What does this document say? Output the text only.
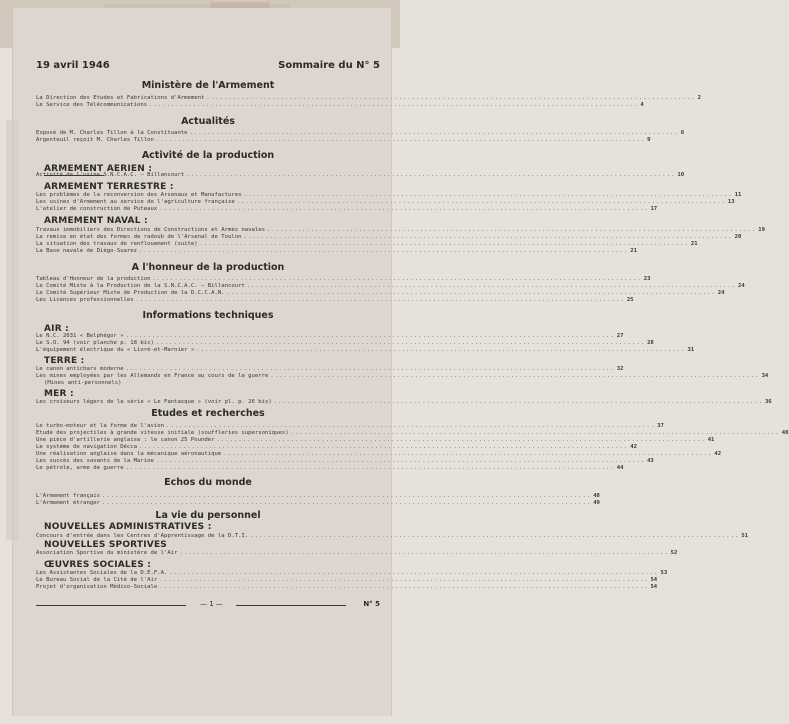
19 avril 1946	Sommaire du N° 5
Ministère de l'Armement
La Direction des Etudes et Fabrications d'Armement ................................................................................................................ 2
Le Service des Télécommunications ................................................................................................................ 4
Actualités
Exposé de M. Charles Tillon à la Constituante ................................................................................................................ 6
Argenteuil reçoit M. Charles Tillon ................................................................................................................ 9
Activité de la production
ARMEMENT AERIEN :
Activité de l'usine S.N.C.A.C. — Billancourt ................................................................................................................ 10
ARMEMENT TERRESTRE :
Les problèmes de la reconversion des Arsenaux et Manufactures ................................................................................................................ 11
Les usines d'Armement au service de l'agriculture française ................................................................................................................ 13
L'atelier de construction de Puteaux ................................................................................................................ 17
ARMEMENT NAVAL :
Travaux immobiliers des Directions de Constructions et Armes navales ................................................................................................................ 19
La remise en état des formes de radoub de l'Arsenal de Toulon ................................................................................................................ 20
La situation des travaux de renflouement (suite) ................................................................................................................ 21
La Base navale de Diégo-Suarez ................................................................................................................ 21
A l'honneur de la production
Tableau d'Honneur de la production ................................................................................................................ 23
Le Comité Mixte à la Production de la S.N.C.A.C. — Billancourt ................................................................................................................ 24
Le Comité Supérieur Mixte de Production de la D.C.C.A.N. ................................................................................................................ 24
Les Licences professionnelles ................................................................................................................ 25
Informations techniques
AIR :
Le N.C. 2031 « Belphégor » ................................................................................................................ 27
Le S.O. 94 (voir planche p. 18 bis) ................................................................................................................ 28
L'équipement électrique du « Lioré-et-Marnier » ................................................................................................................ 31
TERRE :
Le canon antichars moderne ................................................................................................................ 32
Les mines employées par les Allemands en France au cours de la guerre ................................................................................................................ 34
(Mines anti-personnels)
MER :
Les croiseurs légers de la série « Le Fantasque » (voir pl. p. 26 bis) ................................................................................................................ 36
Etudes et recherches
Le turbo-moteur et la forme de l'avion ................................................................................................................ 37
Etude des projectiles à grande vitesse initiale (souffleries supersoniques) ................................................................................................................ 40
Une pièce d'artillerie anglaise : le canon 25 Pounder ................................................................................................................ 41
Le système de navigation Décca ................................................................................................................ 42
Une réalisation anglaise dans la mécanique aéronautique ................................................................................................................ 42
Les succès des savants de la Marine ................................................................................................................ 43
Le pétrole, arme de guerre ................................................................................................................ 44
Echos du monde
L'Armement français ................................................................................................................ 48
L'Armement étranger ................................................................................................................ 49
La vie du personnel
NOUVELLES ADMINISTRATIVES :
Concours d'entrée dans les Centres d'Apprentissage de la D.T.I. ................................................................................................................ 51
NOUVELLES SPORTIVES
Association Sportive du ministère de l'Air ................................................................................................................ 52
ŒUVRES SOCIALES :
Les Assistantes Sociales de la D.E.F.A. ................................................................................................................ 53
Le Bureau Social de la Cité de l'Air ................................................................................................................ 54
Projet d'organisation Médico-Sociale ................................................................................................................ 54
— 1 —	N° 5
